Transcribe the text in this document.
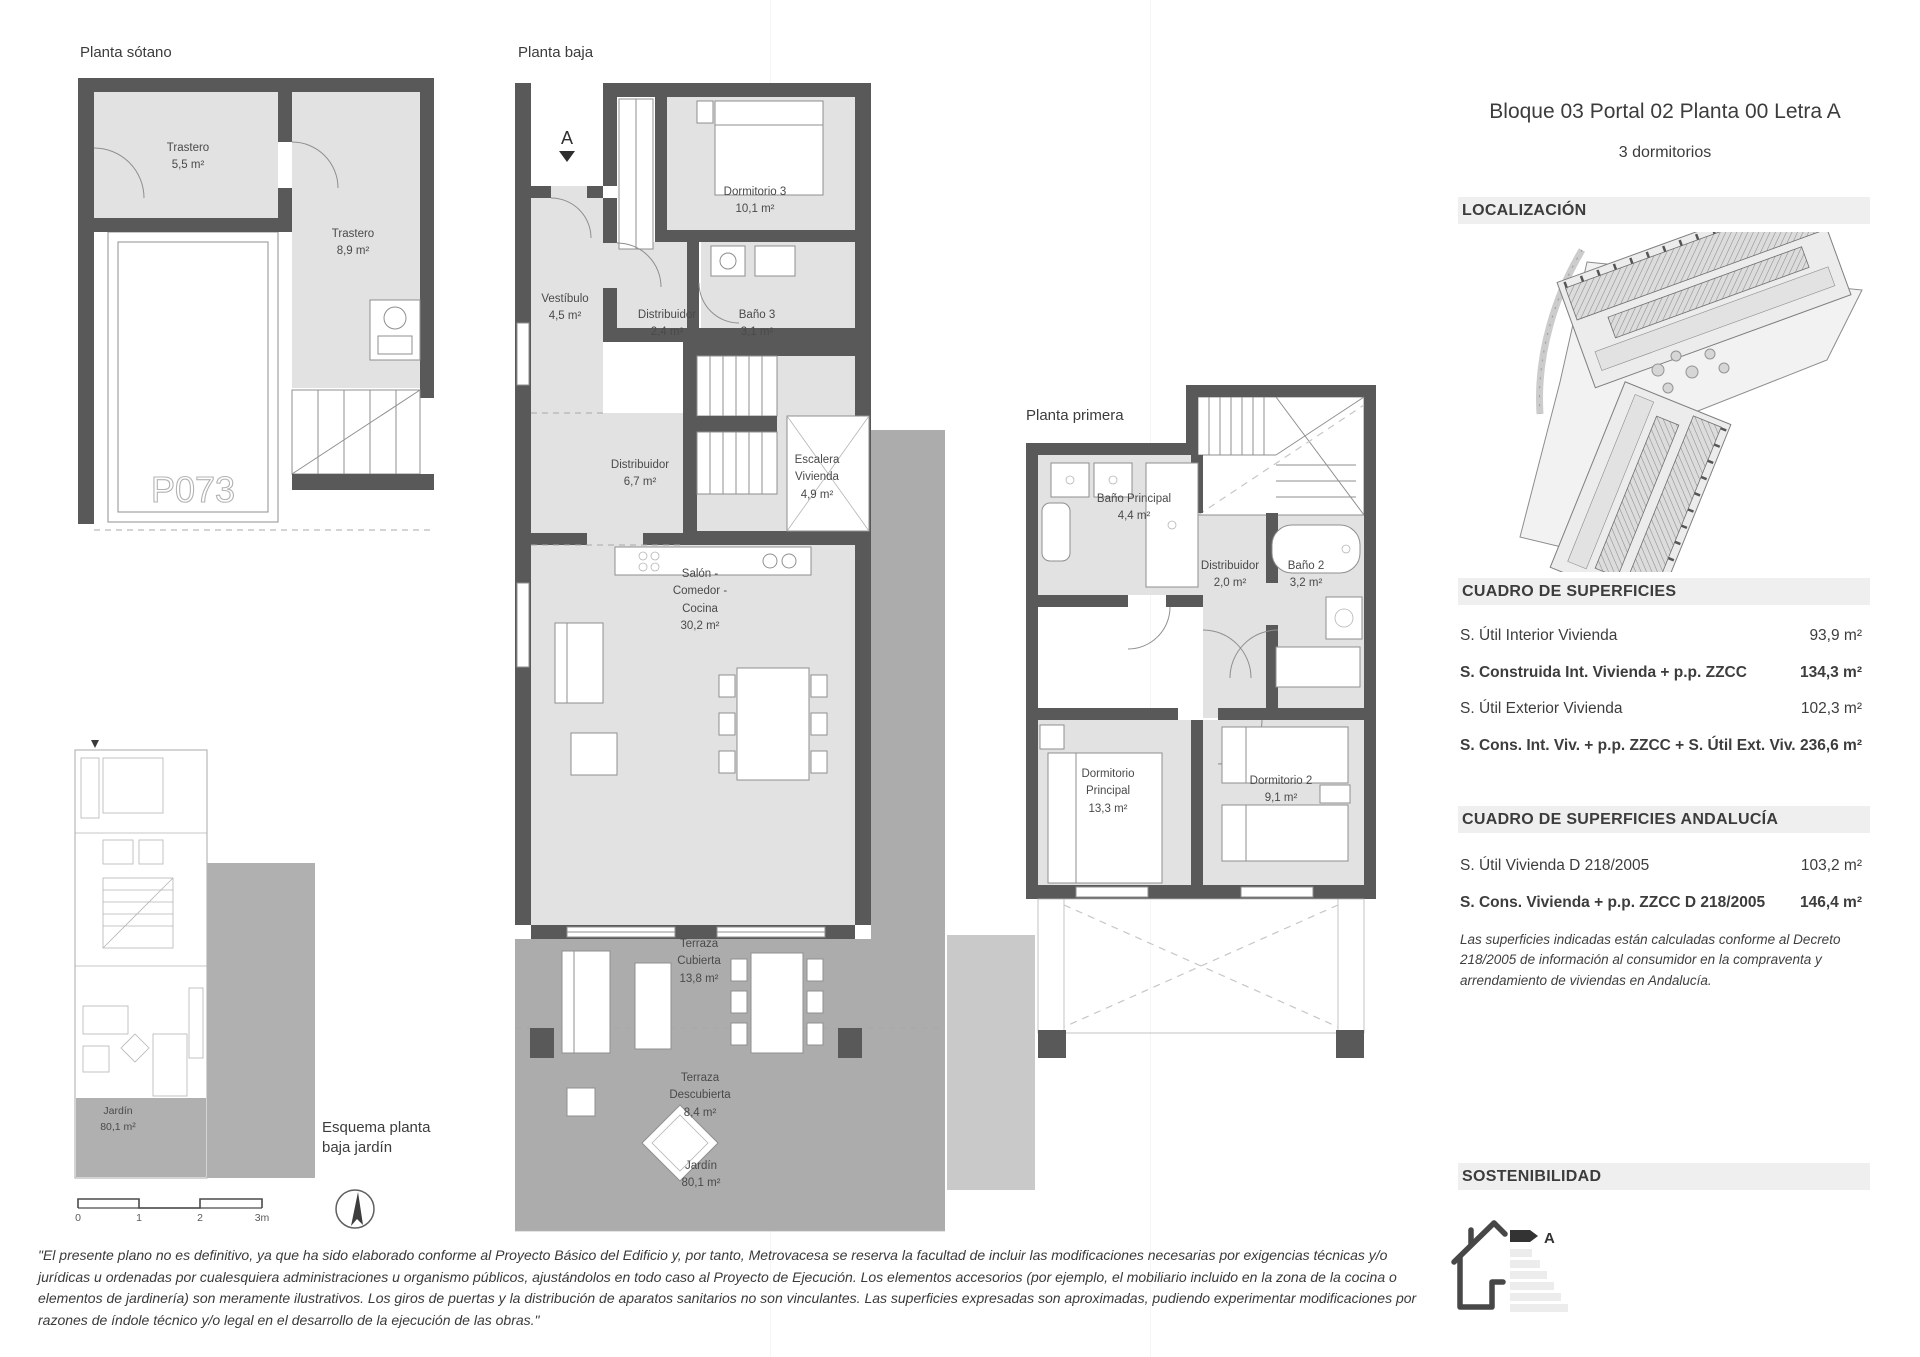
Planta sótano
P073
Trastero
5,5 m²
Trastero
8,9 m²
Planta baja
A
Dormitorio 3
10,1 m²
Vestíbulo
4,5 m²	Distribuidor
2,4 m²
Baño 3
3,1 m²
Distribuidor
6,7 m²
Escalera Vivienda
4,9 m²
Salón - Comedor - Cocina
30,2 m²
Terraza Cubierta
13,8 m²
Terraza Descubierta
8,4 m²
Jardín
80,1 m²
Planta primera
Baño Principal
4,4 m²
Distribuidor
2,0 m²
Baño 2
3,2 m²
Dormitorio Principal
13,3 m²
Dormitorio 2
9,1 m²
Jardín
80,1 m²	Esquema planta baja jardín
0	1	2	3m
Bloque 03 Portal 02 Planta 00 Letra A
3 dormitorios
LOCALIZACIÓN
CUADRO DE SUPERFICIES
S. Útil Interior Vivienda	93,9 m²
S. Construida Int. Vivienda + p.p. ZZCC	134,3 m²
S. Útil Exterior Vivienda	102,3 m²
S. Cons. Int. Viv. + p.p. ZZCC + S. Útil Ext. Viv. 236,6 m²
CUADRO DE SUPERFICIES ANDALUCÍA
S. Útil Vivienda D 218/2005	103,2 m²
S. Cons. Vivienda + p.p. ZZCC D 218/2005 146,4 m²
Las superficies indicadas están calculadas conforme al Decreto 218/2005 de información al consumidor en la compraventa y arrendamiento de viviendas en Andalucía.
SOSTENIBILIDAD
A
"El presente plano no es definitivo, ya que ha sido elaborado conforme al Proyecto Básico del Edificio y, por tanto, Metrovacesa se reserva la facultad de incluir las modificaciones necesarias por exigencias técnicas y/o jurídicas u ordenadas por cualesquiera administraciones u organismo públicos, ajustándolos en todo caso al Proyecto de Ejecución. Los elementos accesorios (por ejemplo, el mobiliario incluido en la zona de la cocina o elementos de jardinería) son meramente ilustrativos. Los giros de puertas y la distribución de aparatos sanitarios no son vinculantes. Las superficies expresadas son aproximadas, pudiendo experimentar modificaciones por razones de índole técnico y/o legal en el desarrollo de la ejecución de las obras."
